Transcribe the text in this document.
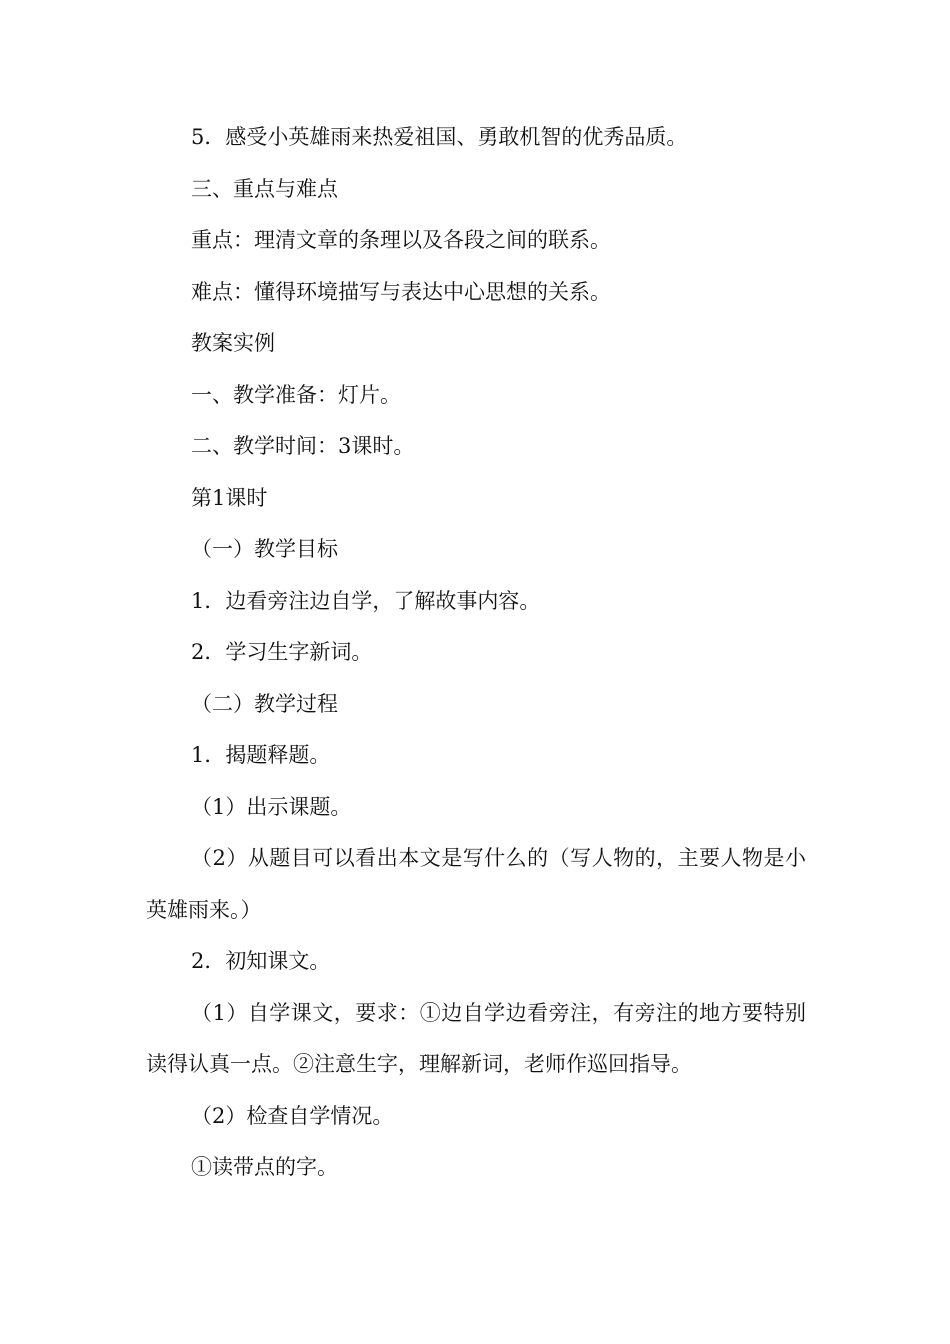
5．感受小英雄雨来热爱祖国、勇敢机智的优秀品质。

三、重点与难点

重点：理清文章的条理以及各段之间的联系。

难点：懂得环境描写与表达中心思想的关系。

教案实例

一、教学准备：灯片。

二、教学时间：3课时。

第1课时

（一）教学目标

1．边看旁注边自学，了解故事内容。

2．学习生字新词。

（二）教学过程

1．揭题释题。

（1）出示课题。

（2）从题目可以看出本文是写什么的（写人物的，主要人物是小英雄雨来。）

2．初知课文。

（1）自学课文，要求：①边自学边看旁注，有旁注的地方要特别读得认真一点。②注意生字，理解新词，老师作巡回指导。

（2）检查自学情况。

①读带点的字。
